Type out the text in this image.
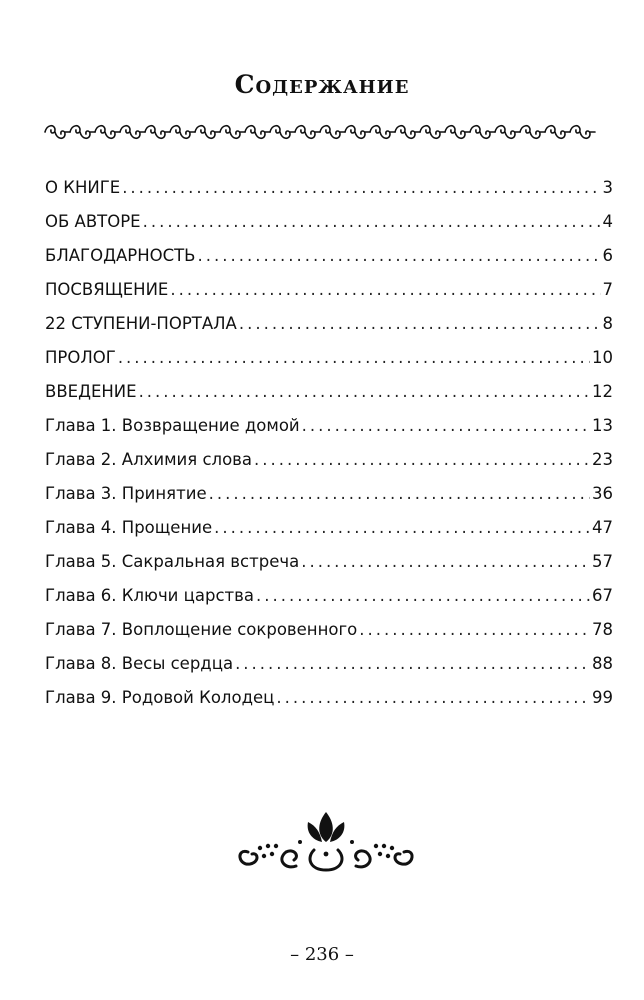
Содержание
О КНИГЕ .....	3
ОБ АВТОРЕ .....	4
БЛАГОДАРНОСТЬ .....	6
ПОСВЯЩЕНИЕ .....	7
22 СТУПЕНИ-ПОРТАЛА .....	8
ПРОЛОГ .....	10
ВВЕДЕНИЕ .....	12
Глава 1. Возвращение домой .....	13
Глава 2. Алхимия слова .....	23
Глава 3. Принятие .....	36
Глава 4. Прощение .....	47
Глава 5. Сакральная встреча .....	57
Глава 6. Ключи царства .....	67
Глава 7. Воплощение сокровенного .....	78
Глава 8. Весы сердца .....	88
Глава 9. Родовой Колодец .....	99
– 236 –
